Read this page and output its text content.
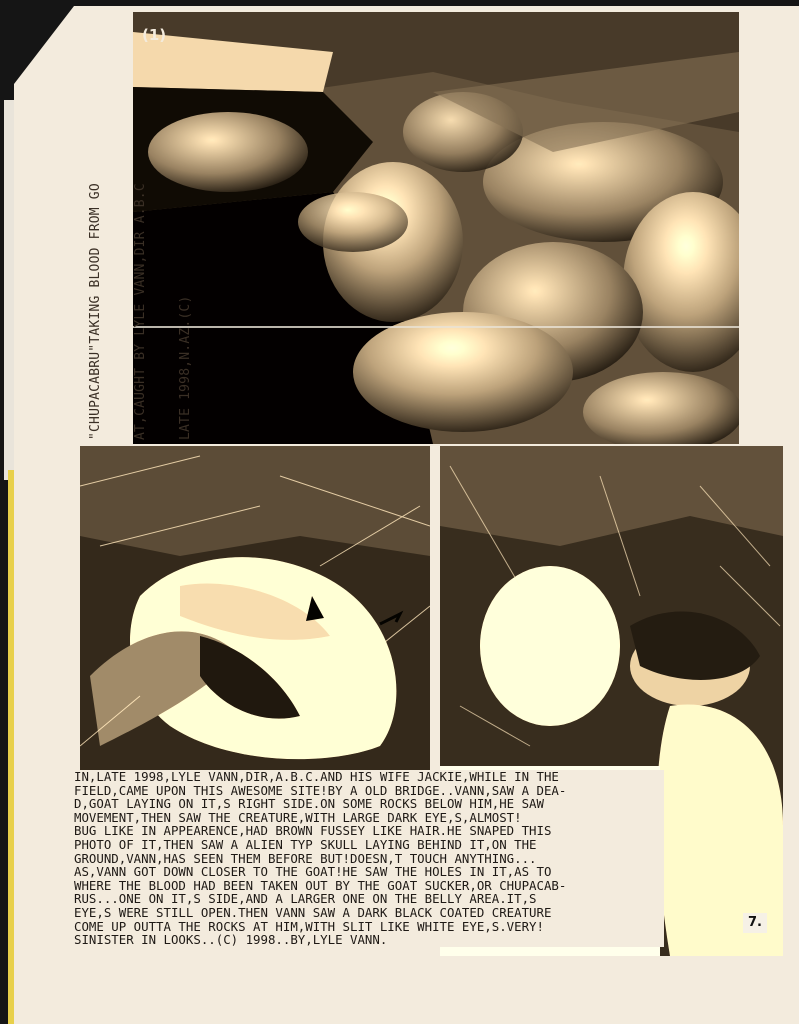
(1)

"CHUPACABRU"TAKING BLOOD FROM GO

AT,CAUGHT BY LYLE VANN,DIR A.B.C

LATE 1998,N.AZ.(C)

IN,LATE 1998,LYLE VANN,DIR,A.B.C.AND HIS WIFE JACKIE,WHILE IN THE
FIELD,CAME UPON THIS AWESOME SITE!BY A OLD BRIDGE..VANN,SAW A DEA-
D,GOAT LAYING ON IT,S RIGHT SIDE.ON SOME ROCKS BELOW HIM,HE SAW
MOVEMENT,THEN SAW THE CREATURE,WITH LARGE DARK EYE,S,ALMOST!
BUG LIKE IN APPEARENCE,HAD BROWN FUSSEY LIKE HAIR.HE SNAPED THIS
PHOTO OF IT,THEN SAW A ALIEN TYP SKULL LAYING BEHIND IT,ON THE
GROUND,VANN,HAS SEEN THEM BEFORE BUT!DOESN,T TOUCH ANYTHING...
AS,VANN GOT DOWN CLOSER TO THE GOAT!HE SAW THE HOLES IN IT,AS TO
WHERE THE BLOOD HAD BEEN TAKEN OUT BY THE GOAT SUCKER,OR CHUPACAB-
RUS...ONE ON IT,S SIDE,AND A LARGER ONE ON THE BELLY AREA.IT,S
EYE,S WERE STILL OPEN.THEN VANN SAW A DARK BLACK COATED CREATURE
COME UP OUTTA THE ROCKS AT HIM,WITH SLIT LIKE WHITE EYE,S.VERY!
SINISTER IN LOOKS..(C) 1998..BY,LYLE VANN.
7.
